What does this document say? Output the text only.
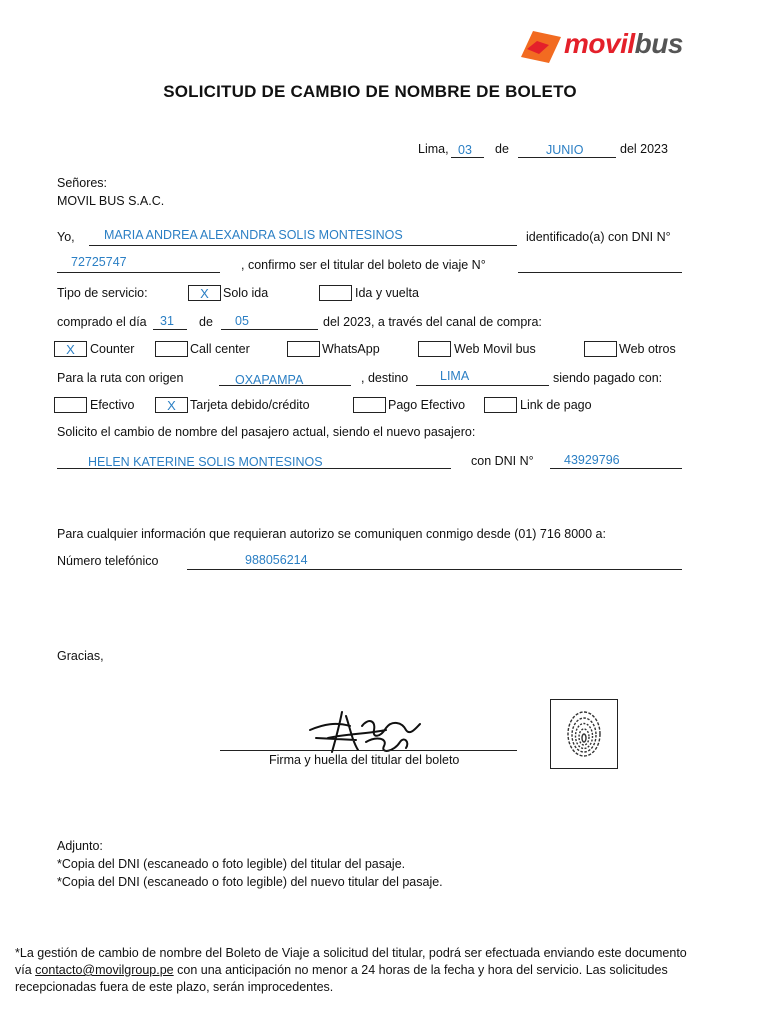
movilbus
SOLICITUD DE CAMBIO DE NOMBRE DE BOLETO
Lima, 03 de	JUNIO	del 2023
Señores:
MOVIL BUS S.A.C.
Yo, MARIA ANDREA ALEXANDRA SOLIS MONTESINOS	identificado(a) con DNI N°
72725747	, confirmo ser el titular del boleto de viaje N°
Tipo de servicio:	X	Solo ida	Ida y vuelta
comprado el día 31 de 05	del 2023, a través del canal de compra:
X	Counter	Call center	WhatsApp	Web Movil bus	Web otros
Para la ruta con origen	OXAPAMPA	, destino	LIMA	siendo pagado con:
Efectivo	X	Tarjeta debido/crédito	Pago Efectivo	Link de pago
Solicito el cambio de nombre del pasajero actual, siendo el nuevo pasajero:
HELEN KATERINE SOLIS MONTESINOS	con DNI N° 43929796
Para cualquier información que requieran autorizo se comuniquen conmigo desde (01) 716 8000 a:
Número telefónico	988056214
Gracias,
Firma y huella del titular del boleto
Adjunto:
*Copia del DNI (escaneado o foto legible) del titular del pasaje.
*Copia del DNI (escaneado o foto legible) del nuevo titular del pasaje.
*La gestión de cambio de nombre del Boleto de Viaje a solicitud del titular, podrá ser efectuada enviando este documento
vía contacto@movilgroup.pe con una anticipación no menor a 24 horas de la fecha y hora del servicio. Las solicitudes
recepcionadas fuera de este plazo, serán improcedentes.
